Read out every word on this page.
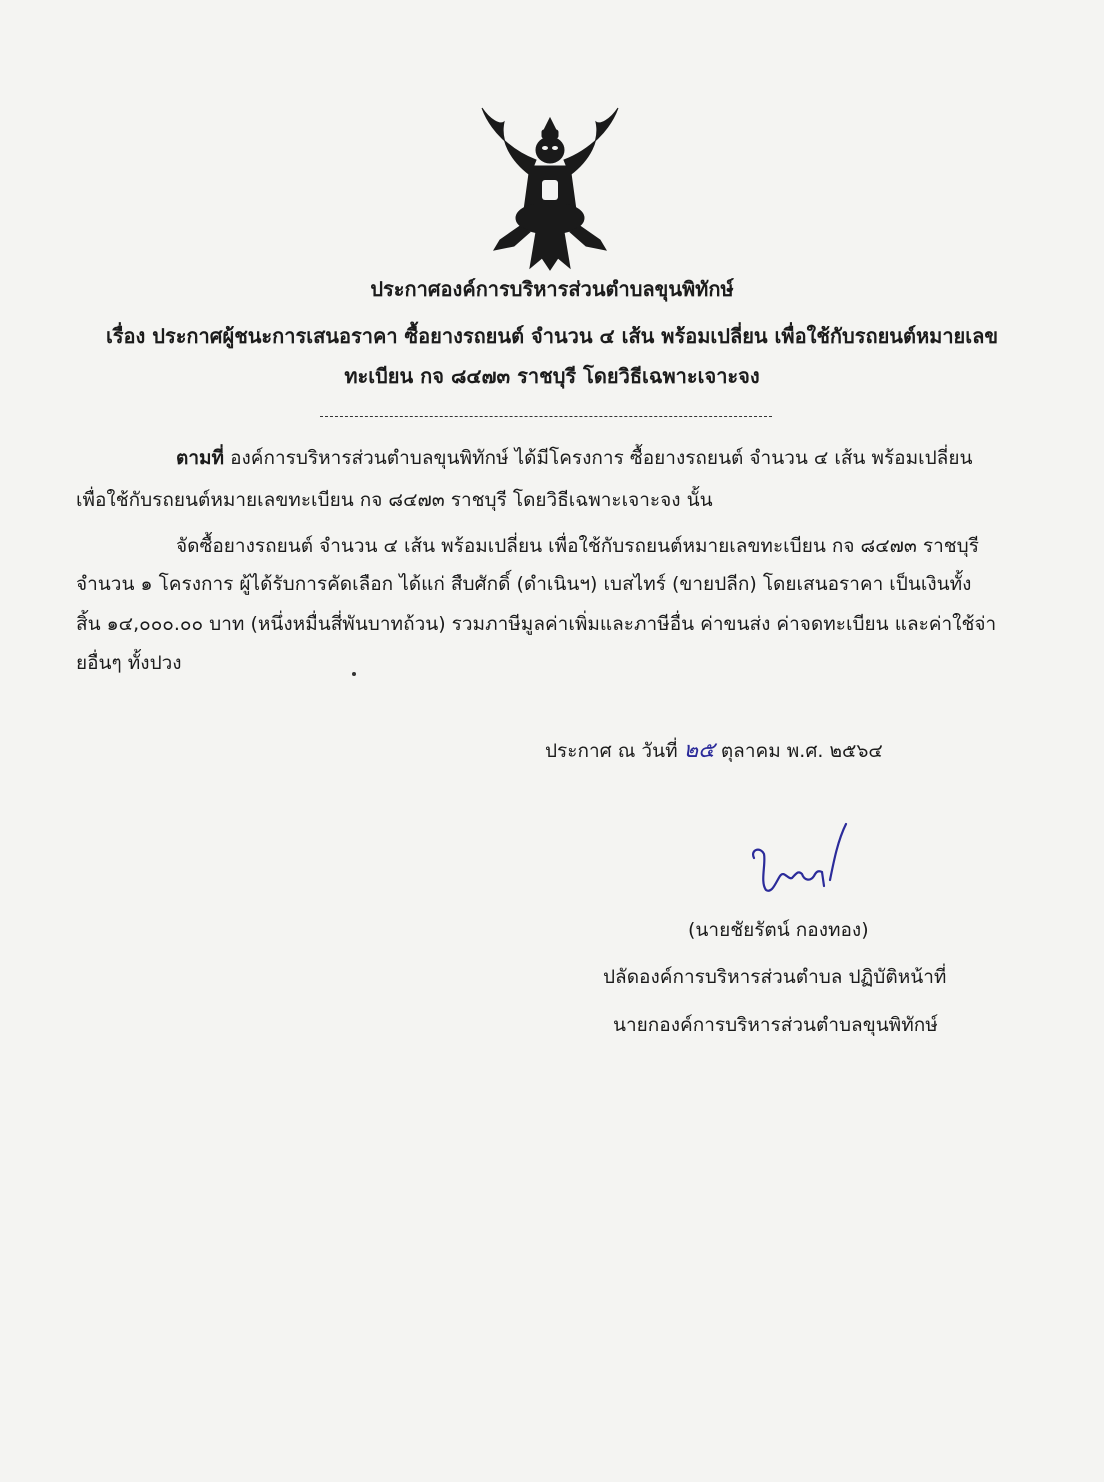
ประกาศองค์การบริหารส่วนตำบลขุนพิทักษ์
เรื่อง ประกาศผู้ชนะการเสนอราคา ซื้อยางรถยนต์ จำนวน ๔ เส้น พร้อมเปลี่ยน เพื่อใช้กับรถยนต์หมายเลข
ทะเบียน กจ ๘๔๗๓ ราชบุรี โดยวิธีเฉพาะเจาะจง
ตามที่ องค์การบริหารส่วนตำบลขุนพิทักษ์ ได้มีโครงการ ซื้อยางรถยนต์ จำนวน ๔ เส้น พร้อมเปลี่ยน
เพื่อใช้กับรถยนต์หมายเลขทะเบียน กจ ๘๔๗๓ ราชบุรี โดยวิธีเฉพาะเจาะจง นั้น
จัดซื้อยางรถยนต์ จำนวน ๔ เส้น พร้อมเปลี่ยน เพื่อใช้กับรถยนต์หมายเลขทะเบียน กจ ๘๔๗๓ ราชบุรี
จำนวน ๑ โครงการ ผู้ได้รับการคัดเลือก ได้แก่ สืบศักดิ์ (ดำเนินฯ) เบสไทร์ (ขายปลีก) โดยเสนอราคา เป็นเงินทั้ง
สิ้น ๑๔,๐๐๐.๐๐ บาท (หนึ่งหมื่นสี่พันบาทถ้วน) รวมภาษีมูลค่าเพิ่มและภาษีอื่น ค่าขนส่ง ค่าจดทะเบียน และค่าใช้จ่า
ยอื่นๆ ทั้งปวง
ประกาศ ณ วันที่ ๒๕ ตุลาคม พ.ศ. ๒๕๖๔
(นายชัยรัตน์ กองทอง)
ปลัดองค์การบริหารส่วนตำบล ปฏิบัติหน้าที่
นายกองค์การบริหารส่วนตำบลขุนพิทักษ์
